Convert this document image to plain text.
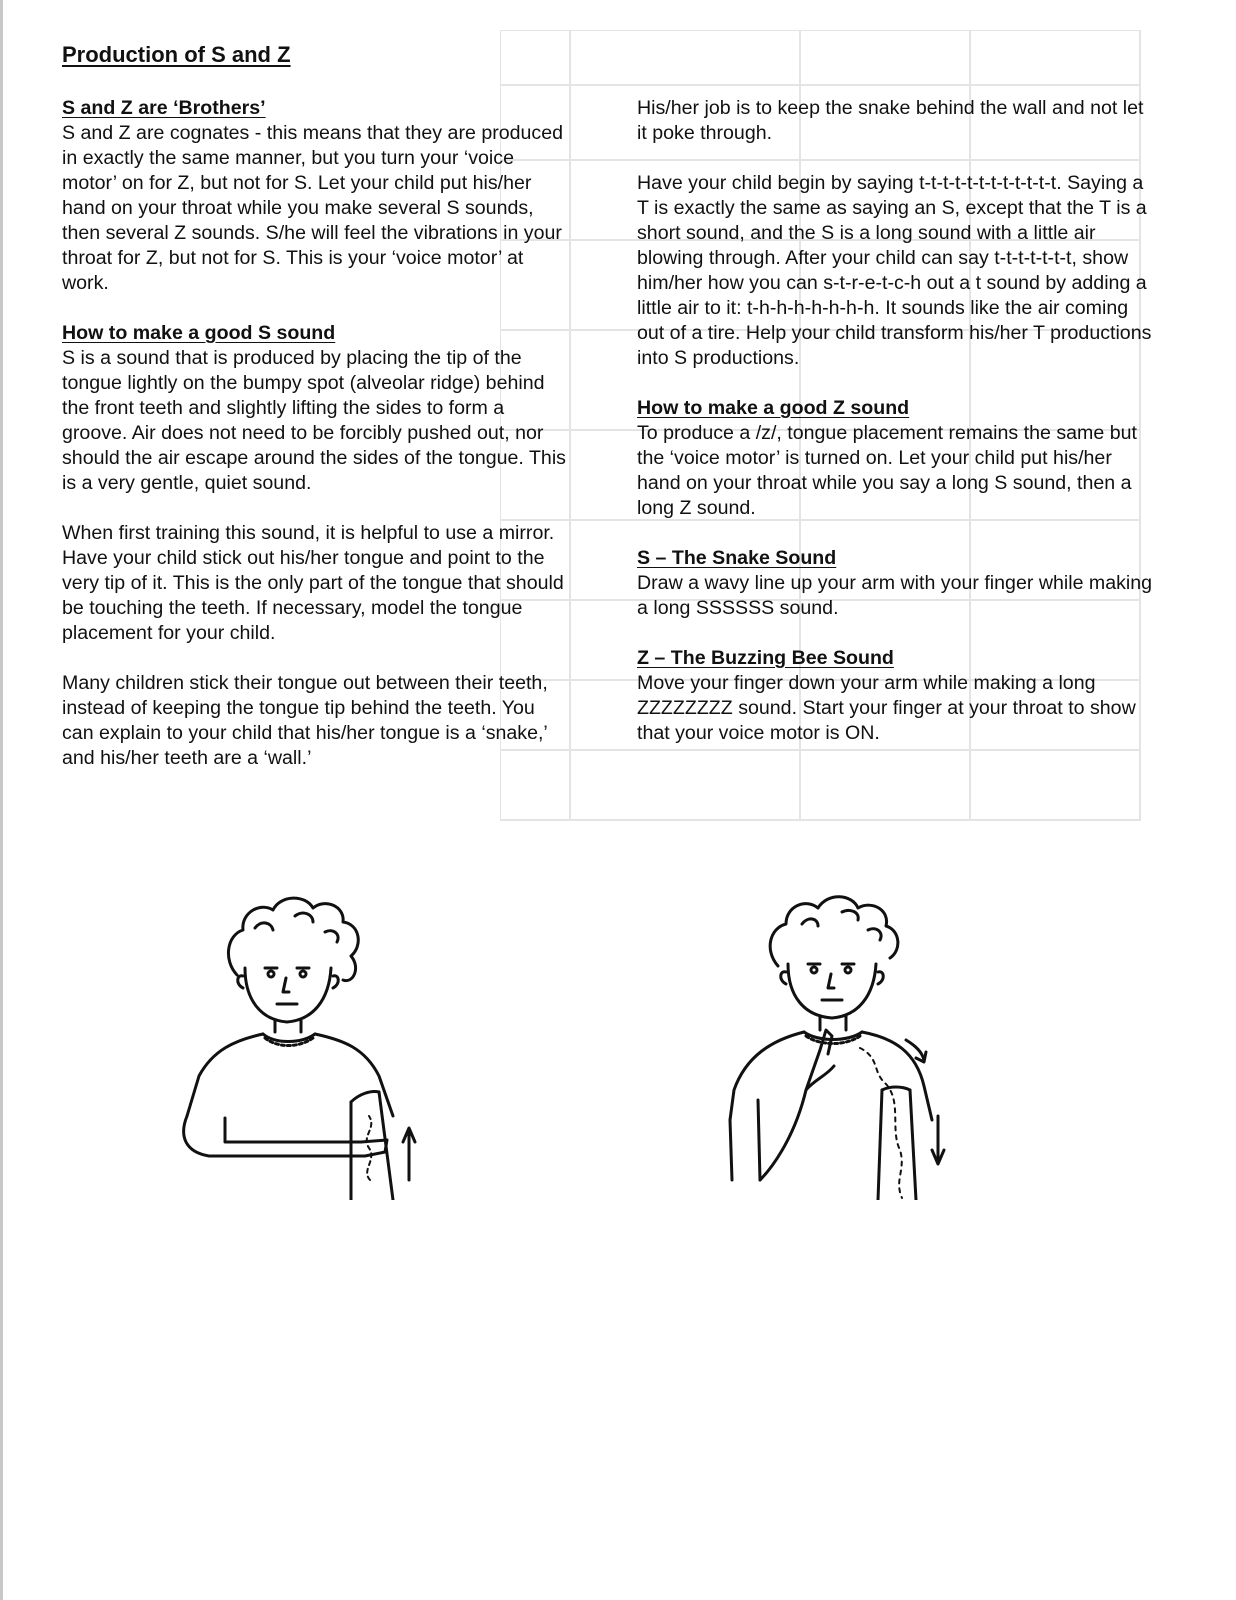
Production of S and Z
S and Z are ‘Brothers’

S and Z are cognates - this means that they are produced in exactly the same manner, but you turn your ‘voice motor’ on for Z, but not for S. Let your child put his/her hand on your throat while you make several S sounds, then several Z sounds. S/he will feel the vibrations in your throat for Z, but not for S. This is your ‘voice motor’ at work.

How to make a good S sound

S is a sound that is produced by placing the tip of the tongue lightly on the bumpy spot (alveolar ridge) behind the front teeth and slightly lifting the sides to form a groove. Air does not need to be forcibly pushed out, nor should the air escape around the sides of the tongue. This is a very gentle, quiet sound.

When first training this sound, it is helpful to use a mirror. Have your child stick out his/her tongue and point to the very tip of it. This is the only part of the tongue that should be touching the teeth. If necessary, model the tongue placement for your child.

Many children stick their tongue out between their teeth, instead of keeping the tongue tip behind the teeth. You can explain to your child that his/her tongue is a ‘snake,’ and his/her teeth are a ‘wall.’

His/her job is to keep the snake behind the wall and not let it poke through.

Have your child begin by saying t-t-t-t-t-t-t-t-t-t-t-t. Saying a T is exactly the same as saying an S, except that the T is a short sound, and the S is a long sound with a little air blowing through. After your child can say t-t-t-t-t-t-t, show him/her how you can s-t-r-e-t-c-h out a t sound by adding a little air to it: t-h-h-h-h-h-h-h. It sounds like the air coming out of a tire. Help your child transform his/her T productions into S productions.

How to make a good Z sound

To produce a /z/, tongue placement remains the same but the ‘voice motor’ is turned on. Let your child put his/her hand on your throat while you say a long S sound, then a long Z sound.

S – The Snake Sound

Draw a wavy line up your arm with your finger while making a long SSSSSS sound.

Z – The Buzzing Bee Sound

Move your finger down your arm while making a long ZZZZZZZZ sound. Start your finger at your throat to show that your voice motor is ON.
